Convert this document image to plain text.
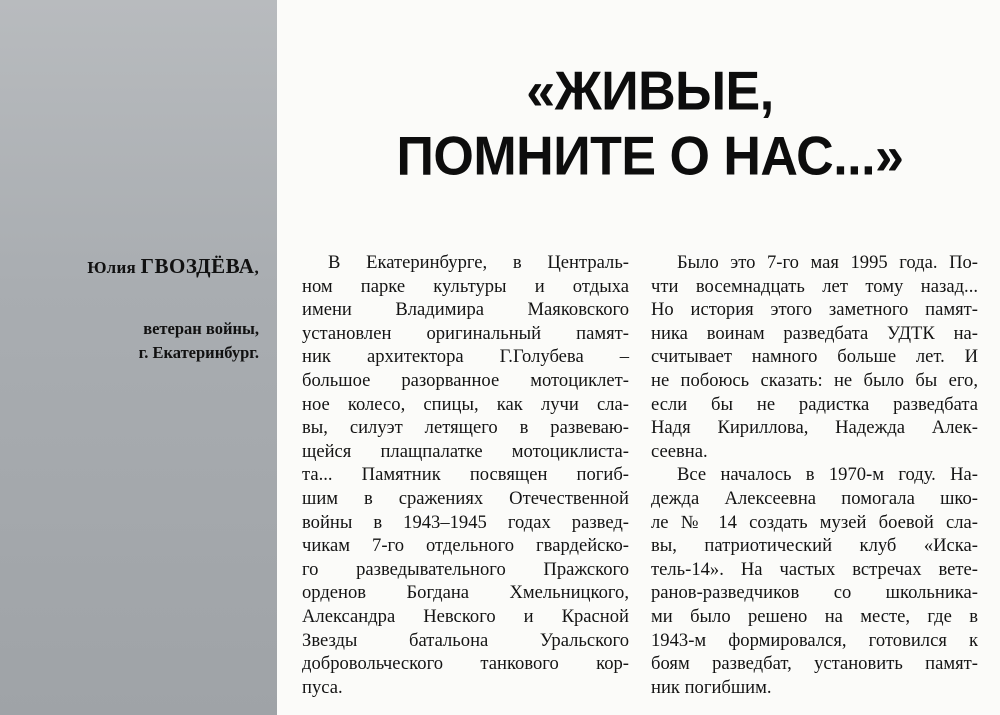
Юлия ГВОЗДЁВА,
ветеран войны,
г. Екатеринбург.
«ЖИВЫЕ,
ПОМНИТЕ О НАС...»
В Екатеринбурге, в Централь-
ном парке культуры и отдыха
имени Владимира Маяковского
установлен оригинальный памят-
ник архитектора Г.Голубева –
большое разорванное мотоциклет-
ное колесо, спицы, как лучи сла-
вы, силуэт летящего в развеваю-
щейся плащпалатке мотоциклиста-
та... Памятник посвящен погиб-
шим в сражениях Отечественной
войны в 1943–1945 годах развед-
чикам 7-го отдельного гвардейско-
го разведывательного Пражского
орденов Богдана Хмельницкого,
Александра Невского и Красной
Звезды батальона Уральского
добровольческого танкового кор-
пуса.
Было это 7-го мая 1995 года. По-
чти восемнадцать лет тому назад...
Но история этого заметного памят-
ника воинам разведбата УДТК на-
считывает намного больше лет. И
не побоюсь сказать: не было бы его,
если бы не радистка разведбата
Надя Кириллова, Надежда Алек-
сеевна.
Все началось в 1970-м году. На-
дежда Алексеевна помогала шко-
ле № 14 создать музей боевой сла-
вы, патриотический клуб «Иска-
тель-14». На частых встречах вете-
ранов-разведчиков со школьника-
ми было решено на месте, где в
1943-м формировался, готовился к
боям разведбат, установить памят-
ник погибшим.
